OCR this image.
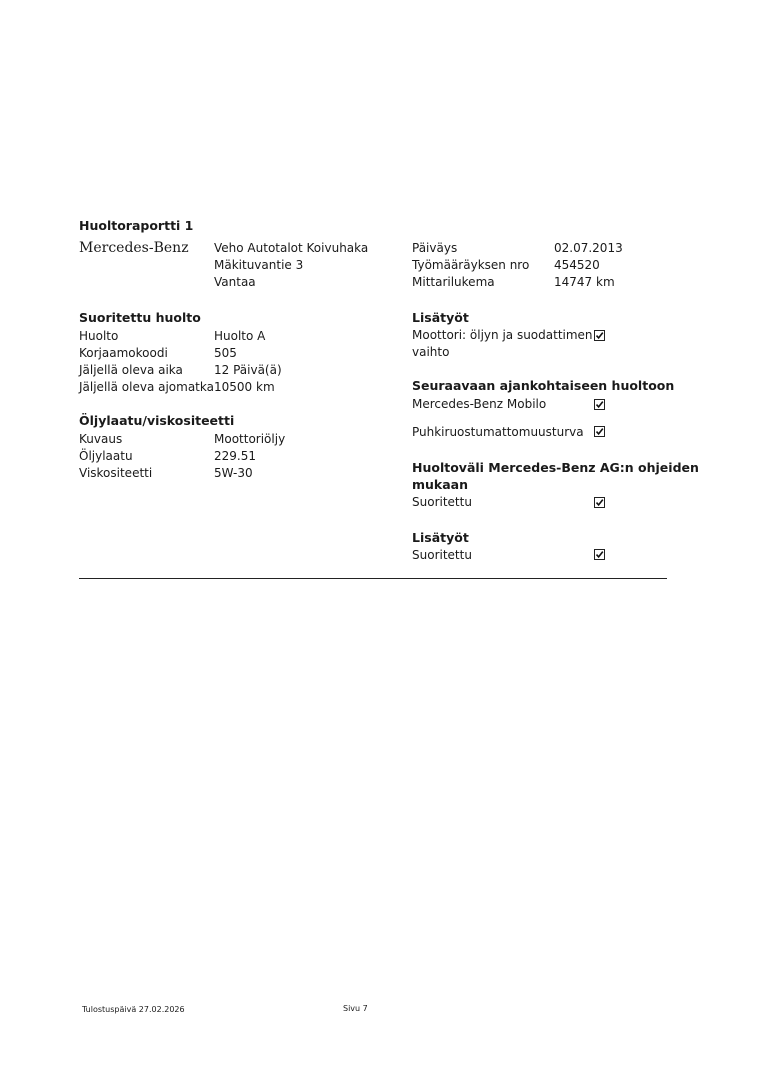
Huoltoraportti 1
Mercedes-Benz Veho Autotalot Koivuhaka
Mäkituvantie 3
Vantaa
Päiväys	02.07.2013
Työmääräyksen nro 454520
Mittarilukema	14747 km
Suoritettu huolto
Huolto	Huolto A
Korjaamokoodi	505
Jäljellä oleva aika	12 Päivä(ä)
Jäljellä oleva ajomatka 10500 km
Öljylaatu/viskositeetti
Kuvaus	Moottoriöljy
Öljylaatu	229.51
Viskositeetti	5W-30
Lisätyöt
Moottori: öljyn ja suodattimen
vaihto
Seuraavaan ajankohtaiseen huoltoon
Mercedes-Benz Mobilo
Puhkiruostumattomuusturva
Huoltoväli Mercedes-Benz AG:n ohjeiden
mukaan
Suoritettu
Lisätyöt
Suoritettu
Tulostuspäivä 27.02.2026	Sivu 7
